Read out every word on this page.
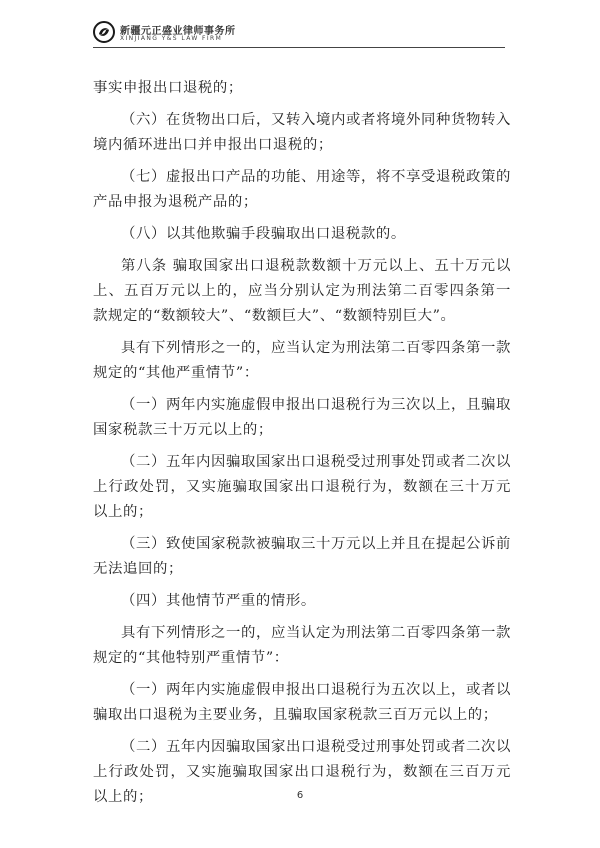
新疆元正盛业律师事务所
XINJIANG Y&S LAW FIRM

事实申报出口退税的；

（六）在货物出口后，又转入境内或者将境外同种货物转入境内循环进出口并申报出口退税的；

（七）虚报出口产品的功能、用途等，将不享受退税政策的产品申报为退税产品的；

（八）以其他欺骗手段骗取出口退税款的。

第八条 骗取国家出口退税款数额十万元以上、五十万元以上、五百万元以上的，应当分别认定为刑法第二百零四条第一款规定的“数额较大”、“数额巨大”、“数额特别巨大”。

具有下列情形之一的，应当认定为刑法第二百零四条第一款规定的“其他严重情节”：

（一）两年内实施虚假申报出口退税行为三次以上，且骗取国家税款三十万元以上的；

（二）五年内因骗取国家出口退税受过刑事处罚或者二次以上行政处罚，又实施骗取国家出口退税行为，数额在三十万元以上的；

（三）致使国家税款被骗取三十万元以上并且在提起公诉前无法追回的；

（四）其他情节严重的情形。

具有下列情形之一的，应当认定为刑法第二百零四条第一款规定的“其他特别严重情节”：

（一）两年内实施虚假申报出口退税行为五次以上，或者以骗取出口退税为主要业务，且骗取国家税款三百万元以上的；

（二）五年内因骗取国家出口退税受过刑事处罚或者二次以上行政处罚，又实施骗取国家出口退税行为，数额在三百万元以上的；	6
